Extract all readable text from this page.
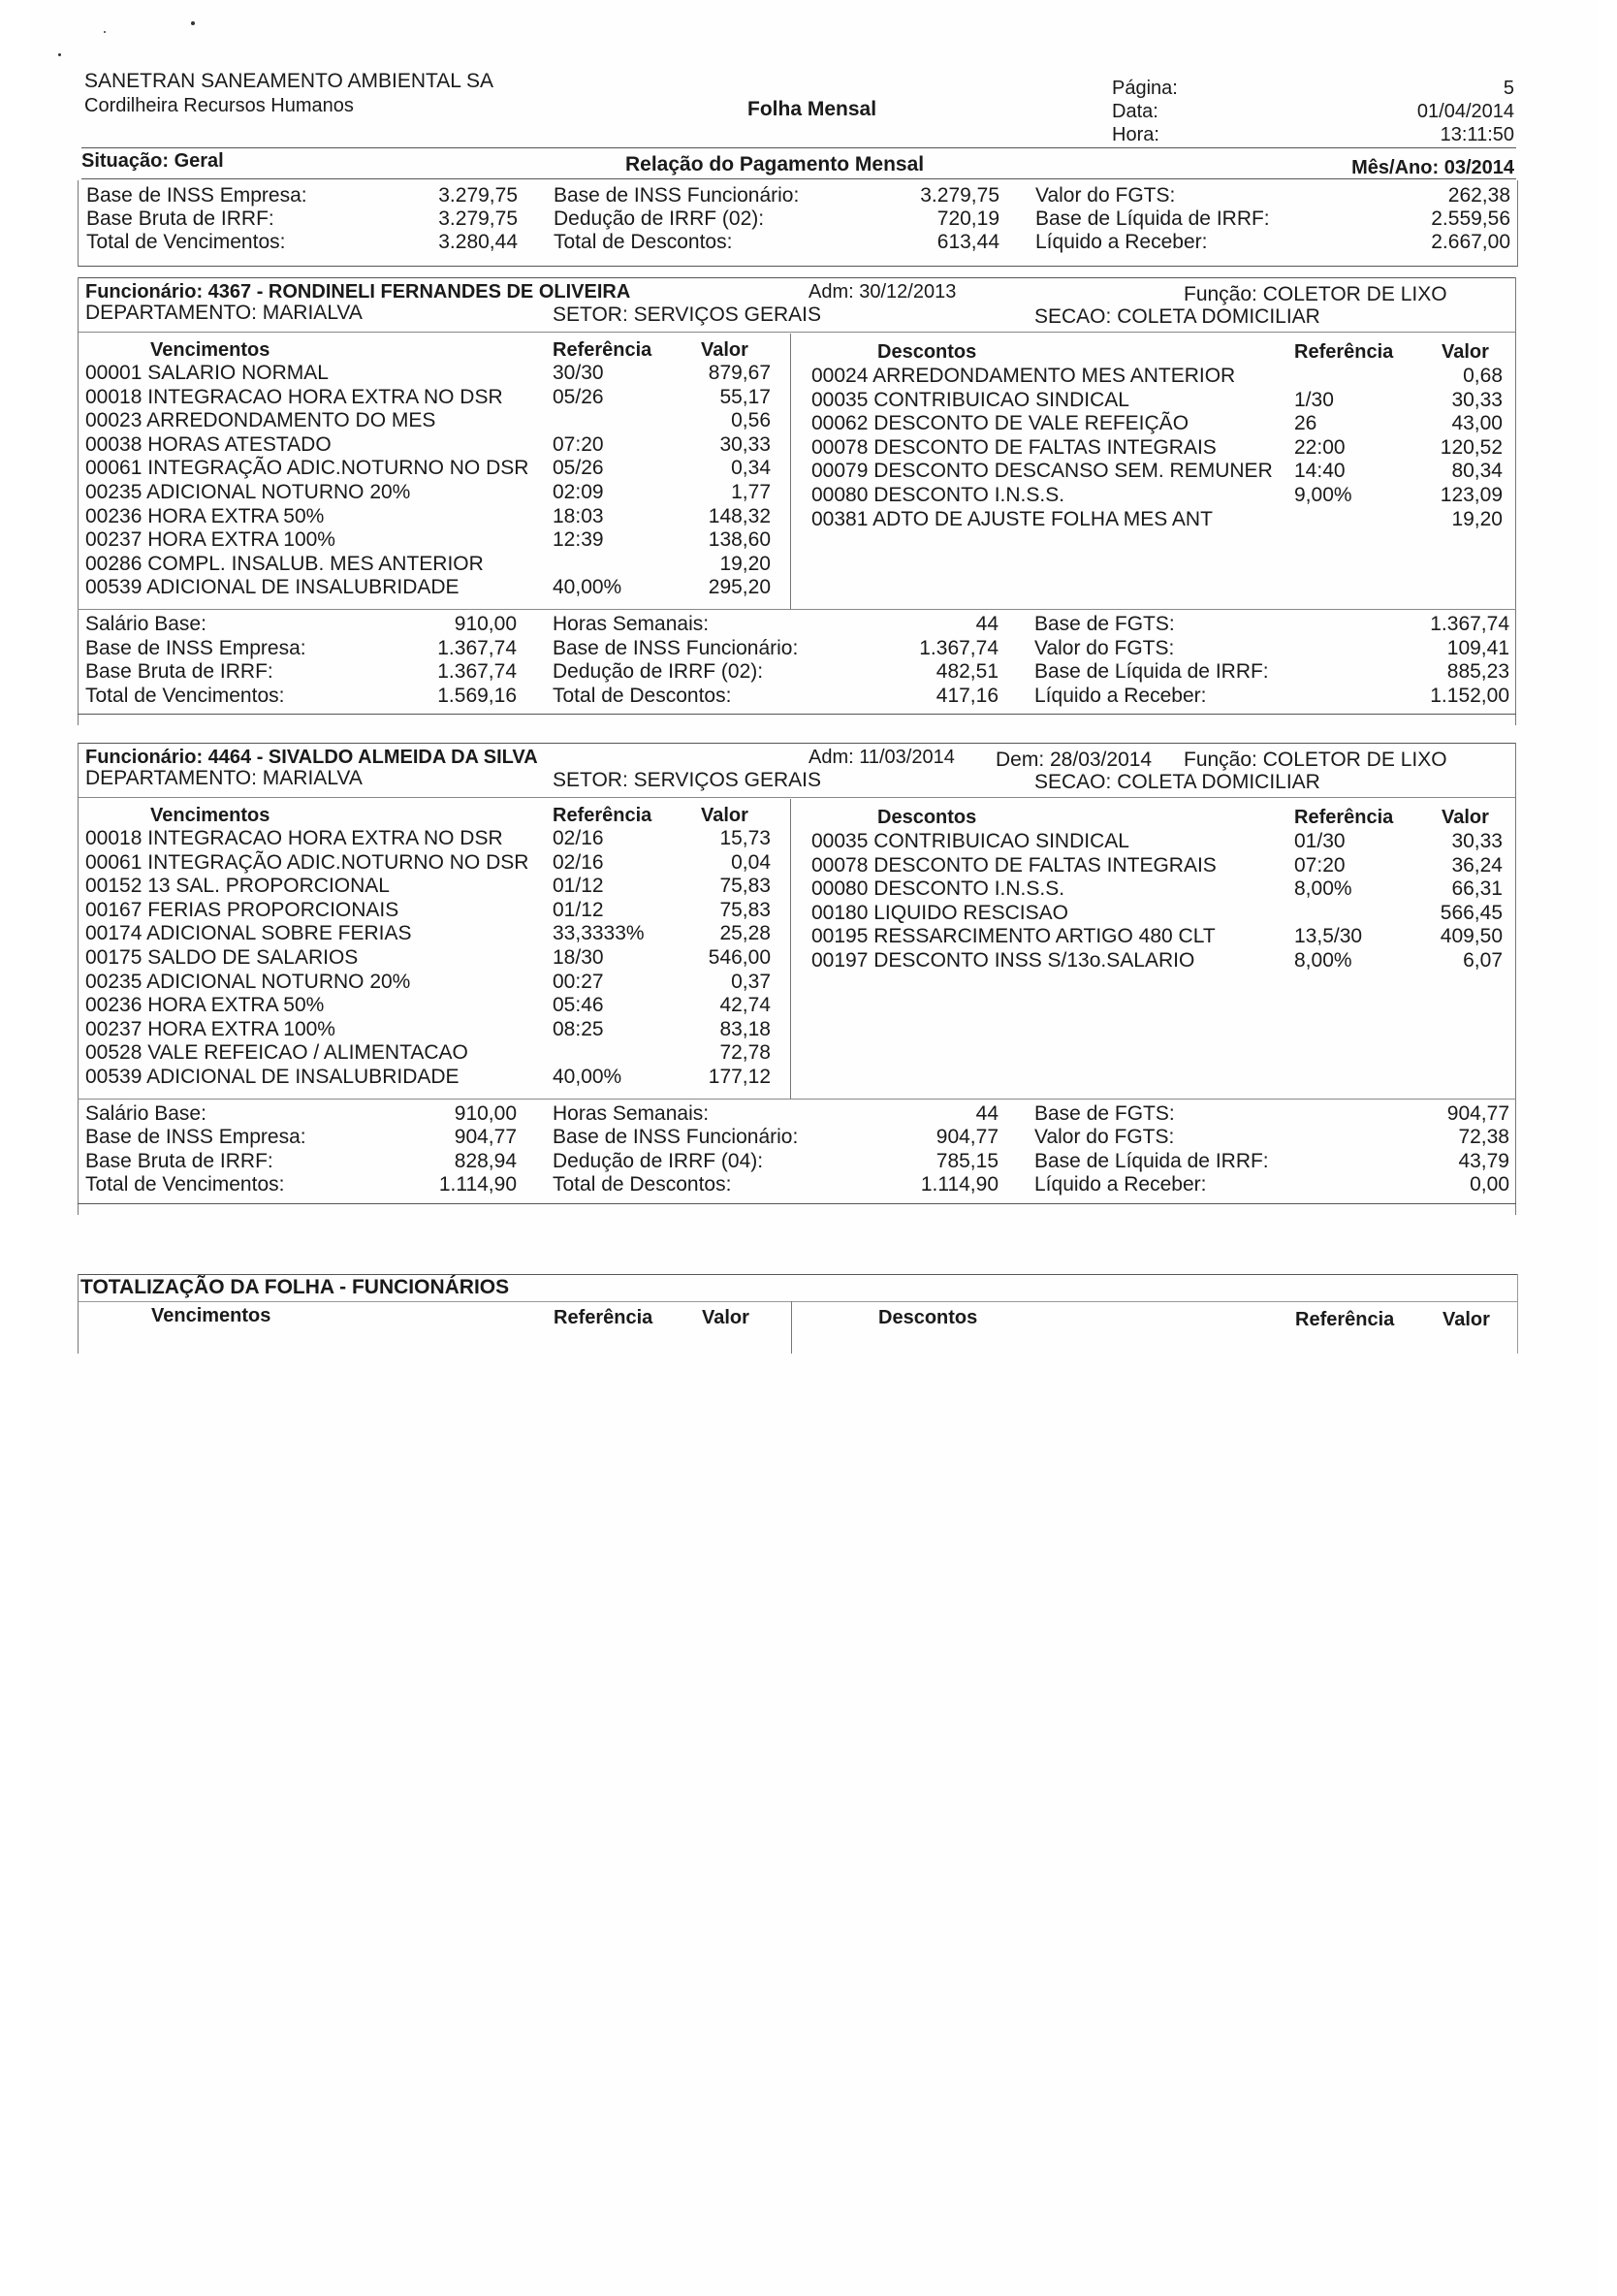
SANETRAN SANEAMENTO AMBIENTAL SA
Cordilheira Recursos Humanos	Folha Mensal
Página:
Data:
Hora:
5
01/04/2014
13:11:50
Situação: Geral	Relação do Pagamento Mensal	Mês/Ano: 03/2014
Base de INSS Empresa:	3.279,75 Base de INSS Funcionário:	3.279,75 Valor do FGTS:	262,38
Base Bruta de IRRF:	3.279,75 Dedução de IRRF (02):	720,19 Base de Líquida de IRRF:	2.559,56
Total de Vencimentos:	3.280,44 Total de Descontos:	613,44 Líquido a Receber:	2.667,00
Funcionário: 4367 - RONDINELI FERNANDES DE OLIVEIRA	Adm: 30/12/2013	Função: COLETOR DE LIXO
DEPARTAMENTO: MARIALVA	SETOR: SERVIÇOS GERAIS	SECAO: COLETA DOMICILIAR
Vencimentos	Referência	Valor	Descontos	Referência Valor
00001 SALARIO NORMAL	30/30	879,67
00018 INTEGRACAO HORA EXTRA NO DSR 05/26	55,17
00023 ARREDONDAMENTO DO MES	0,56
00038 HORAS ATESTADO	07:20	30,33
00061 INTEGRAÇÃO ADIC.NOTURNO NO DSR 05/26	0,34
00235 ADICIONAL NOTURNO 20%	02:09	1,77
00236 HORA EXTRA 50%	18:03	148,32
00237 HORA EXTRA 100%	12:39	138,60
00286 COMPL. INSALUB. MES ANTERIOR	19,20
00539 ADICIONAL DE INSALUBRIDADE	40,00%	295,20
00024 ARREDONDAMENTO MES ANTERIOR	0,68
00035 CONTRIBUICAO SINDICAL	1/30	30,33
00062 DESCONTO DE VALE REFEIÇÃO	26	43,00
00078 DESCONTO DE FALTAS INTEGRAIS	22:00	120,52
00079 DESCONTO DESCANSO SEM. REMUNER 14:40	80,34
00080 DESCONTO I.N.S.S.	9,00%	123,09
00381 ADTO DE AJUSTE FOLHA MES ANT	19,20
Salário Base:	910,00 Horas Semanais:	44 Base de FGTS:	1.367,74
Base de INSS Empresa:	1.367,74 Base de INSS Funcionário:	1.367,74 Valor do FGTS:	109,41
Base Bruta de IRRF:	1.367,74 Dedução de IRRF (02):	482,51 Base de Líquida de IRRF:	885,23
Total de Vencimentos:	1.569,16 Total de Descontos:	417,16 Líquido a Receber:	1.152,00
Funcionário: 4464 - SIVALDO ALMEIDA DA SILVA	Adm: 11/03/2014 Dem: 28/03/2014 Função: COLETOR DE LIXO
DEPARTAMENTO: MARIALVA	SETOR: SERVIÇOS GERAIS	SECAO: COLETA DOMICILIAR
Vencimentos	Referência	Valor	Descontos	Referência Valor
00018 INTEGRACAO HORA EXTRA NO DSR 02/16	15,73
00061 INTEGRAÇÃO ADIC.NOTURNO NO DSR 02/16	0,04
00152 13 SAL. PROPORCIONAL	01/12	75,83
00167 FERIAS PROPORCIONAIS	01/12	75,83
00174 ADICIONAL SOBRE FERIAS	33,3333%	25,28
00175 SALDO DE SALARIOS	18/30	546,00
00235 ADICIONAL NOTURNO 20%	00:27	0,37
00236 HORA EXTRA 50%	05:46	42,74
00237 HORA EXTRA 100%	08:25	83,18
00528 VALE REFEICAO / ALIMENTACAO	72,78
00539 ADICIONAL DE INSALUBRIDADE	40,00%	177,12
00035 CONTRIBUICAO SINDICAL	01/30	30,33
00078 DESCONTO DE FALTAS INTEGRAIS	07:20	36,24
00080 DESCONTO I.N.S.S.	8,00%	66,31
00180 LIQUIDO RESCISAO	566,45
00195 RESSARCIMENTO ARTIGO 480 CLT	13,5/30	409,50
00197 DESCONTO INSS S/13o.SALARIO	8,00%	6,07
Salário Base:	910,00 Horas Semanais:	44 Base de FGTS:	904,77
Base de INSS Empresa:	904,77 Base de INSS Funcionário:	904,77 Valor do FGTS:	72,38
Base Bruta de IRRF:	828,94 Dedução de IRRF (04):	785,15 Base de Líquida de IRRF:	43,79
Total de Vencimentos:	1.114,90 Total de Descontos:	1.114,90 Líquido a Receber:	0,00
TOTALIZAÇÃO DA FOLHA - FUNCIONÁRIOS
Vencimentos	Referência	Valor	Descontos	Referência Valor
